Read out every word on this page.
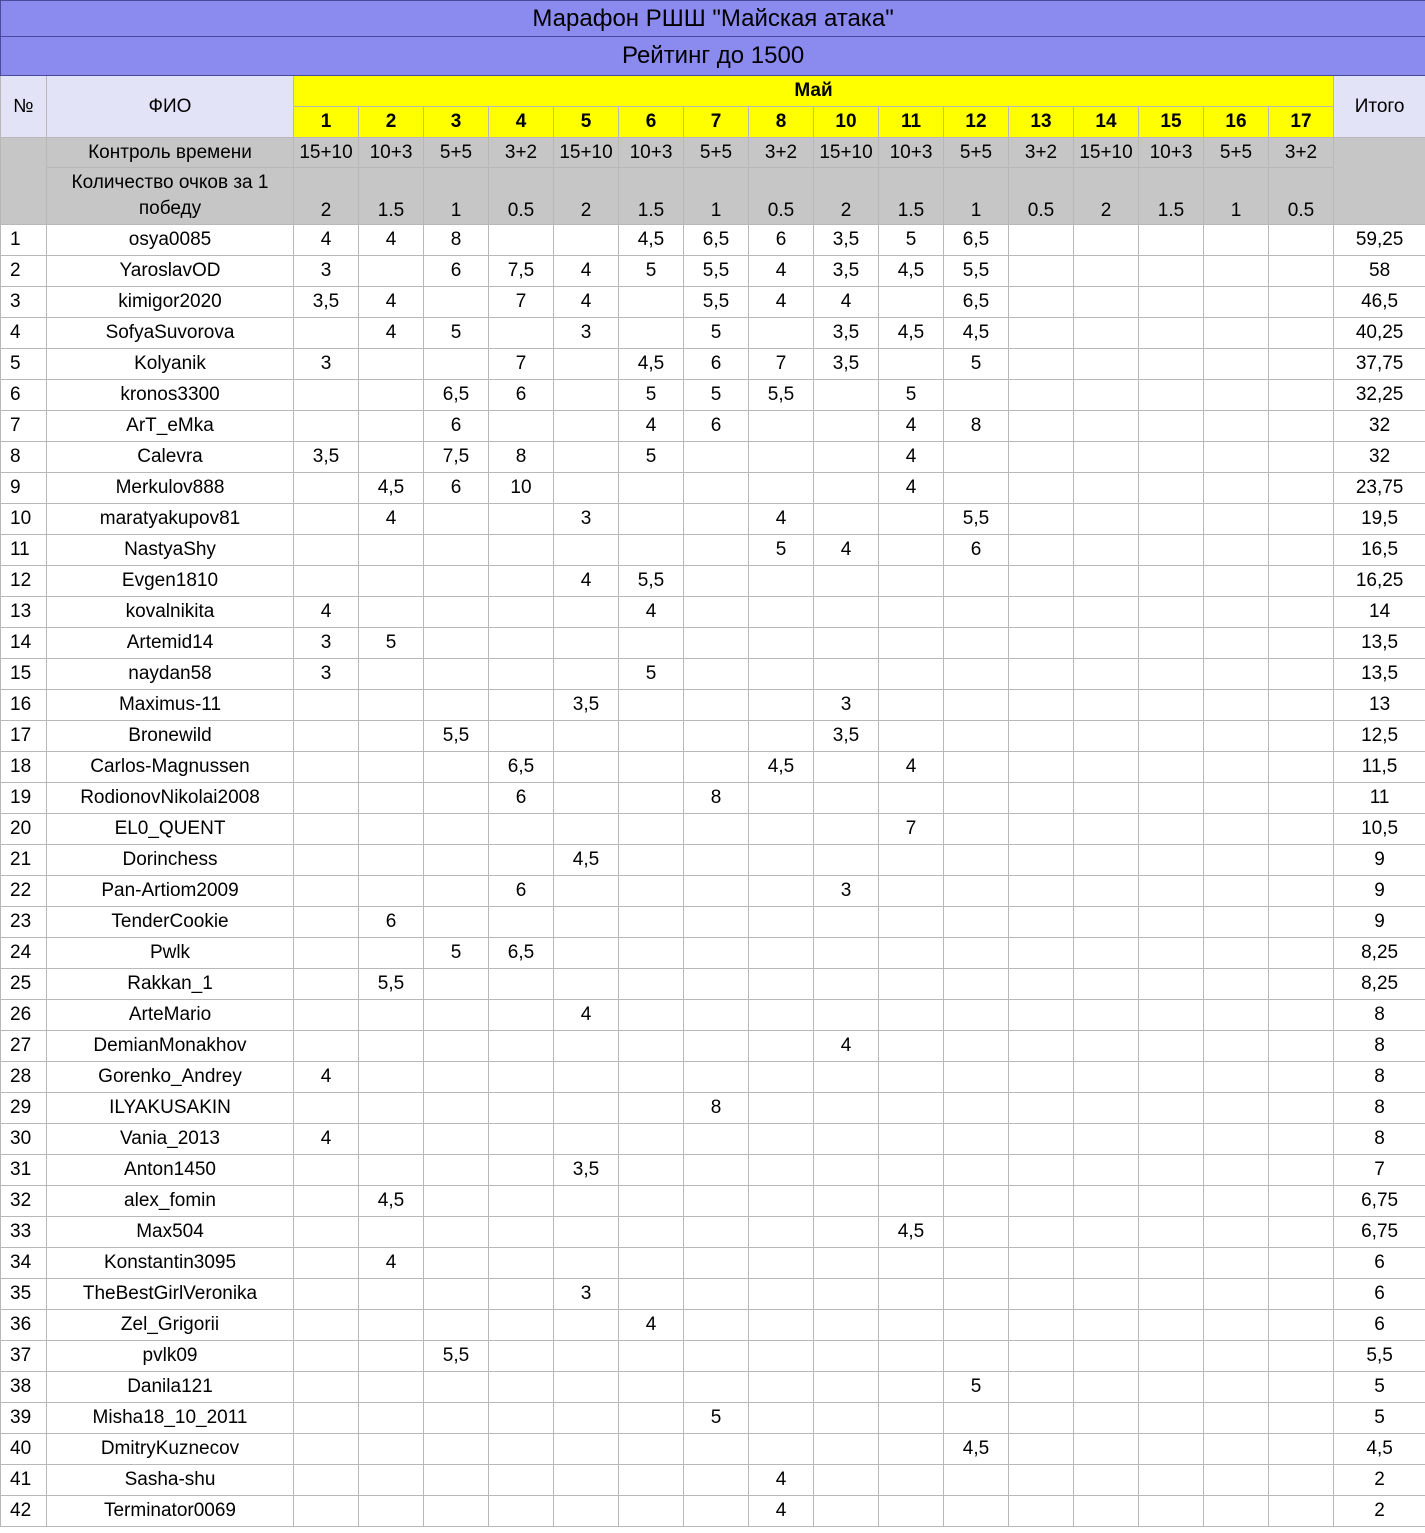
Марафон РШШ "Майская атака"																		
Рейтинг до 1500																		
№	ФИО	Май																Итого
		1	2	3	4	5	6	7	8	10	11	12	13	14	15	16	17	
	Контроль времени	15+10	10+3	5+5	3+2	15+10	10+3	5+5	3+2	15+10	10+3	5+5	3+2	15+10	10+3	5+5	3+2	
	Количество очков за 1 победу	2	1.5	1	0.5	2	1.5	1	0.5	2	1.5	1	0.5	2	1.5	1	0.5	
1	osya0085	4	4	8			4,5	6,5	6	3,5	5	6,5						59,25
2	YaroslavOD	3		6	7,5	4	5	5,5	4	3,5	4,5	5,5						58
3	kimigor2020	3,5	4		7	4		5,5	4	4		6,5						46,5
4	SofyaSuvorova		4	5		3		5		3,5	4,5	4,5						40,25
5	Kolyanik	3			7		4,5	6	7	3,5		5						37,75
6	kronos3300			6,5	6		5	5	5,5		5							32,25
7	ArT_eMka			6			4	6			4	8						32
8	Calevra	3,5		7,5	8		5				4							32
9	Merkulov888		4,5	6	10						4							23,75
10	maratyakupov81		4			3			4			5,5						19,5
11	NastyaShy								5	4		6						16,5
12	Evgen1810					4	5,5											16,25
13	kovalnikita	4					4											14
14	Artemid14	3	5															13,5
15	naydan58	3					5											13,5
16	Maximus-11					3,5				3								13
17	Bronewild			5,5						3,5								12,5
18	Carlos-Magnussen				6,5				4,5		4							11,5
19	RodionovNikolai2008				6			8										11
20	EL0_QUENT										7							10,5
21	Dorinchess					4,5												9
22	Pan-Artiom2009				6					3								9
23	TenderCookie		6															9
24	Pwlk			5	6,5													8,25
25	Rakkan_1		5,5															8,25
26	ArteMario					4												8
27	DemianMonakhov									4								8
28	Gorenko_Andrey	4																8
29	ILYAKUSAKIN							8										8
30	Vania_2013	4																8
31	Anton1450					3,5												7
32	alex_fomin		4,5															6,75
33	Max504										4,5							6,75
34	Konstantin3095		4															6
35	TheBestGirlVeronika					3												6
36	Zel_Grigorii						4											6
37	pvlk09			5,5														5,5
38	Danila121											5						5
39	Misha18_10_2011							5										5
40	DmitryKuznecov											4,5						4,5
41	Sasha-shu								4									2
42	Terminator0069								4									2
